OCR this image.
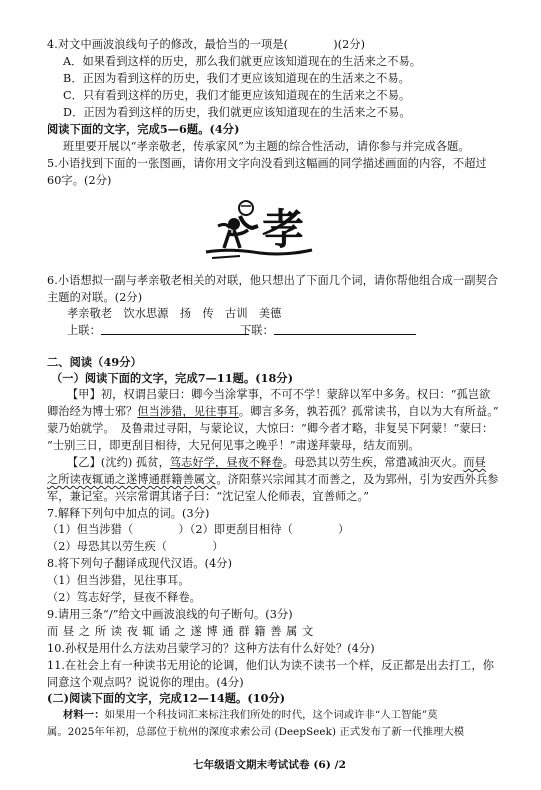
4.对文中画波浪线句子的修改，最恰当的一项是(　　　　)(2分)
A．如果看到这样的历史，那么我们就更应该知道现在的生活来之不易。
B．正因为看到这样的历史，我们才更应该知道现在的生活来之不易。
C．只有看到这样的历史，我们才能更应该知道现在的生活来之不易。
D．正因为看到这样的历史，我们就更应该知道现在的生活来之不易。
阅读下面的文字，完成5—6题。(4分)
班里要开展以“孝亲敬老，传承家风”为主题的综合性活动，请你参与并完成各题。
5.小语找到下面的一张图画，请你用文字向没看到这幅画的同学描述画面的内容，不超过
60字。(2分)
孝
6.小语想拟一副与孝亲敬老相关的对联，他只想出了下面几个词，请你帮他组合成一副契合
主题的对联。(2分)
孝亲敬老　饮水思源　扬　传　古训　美德
上联：	下联：
二、阅读（49分）
（一）阅读下面的文字，完成7—11题。(18分)
【甲】初，权谓吕蒙曰：卿今当涂掌事，不可不学！蒙辞以军中多务。权曰：“孤岂欲
卿治经为博士邪？但当涉猎，见往事耳。卿言多务，孰若孤？孤常读书，自以为大有所益。”
蒙乃始就学。　及鲁肃过寻阳，与蒙论议，大惊曰：“卿今者才略，非复吴下阿蒙！”蒙曰：
“士别三日，即更刮目相待，大兄何见事之晚乎！”肃遂拜蒙母，结友而别。
【乙】(沈约) 孤贫，笃志好学，昼夜不释卷。母恐其以劳生疾，常遣减油灭火。而昼
之所读夜辄诵之遂博通群籍善属文。济阳蔡兴宗闻其才而善之，及为郢州，引为安西外兵参
军，兼记室。兴宗常谓其诸子曰：“沈记室人伦师表，宜善师之。”
7.解释下列句中加点的词。(3分)
（1）但当涉猎（　　　　）（2）即更刮目相待（　　　　）
（2）母恐其以劳生疾（　　　　）
8.将下列句子翻译成现代汉语。(4分)
（1）但当涉猎，见往事耳。
（2）笃志好学，昼夜不释卷。
9.请用三条“/”给文中画波浪线的句子断句。(3分)
而 昼 之 所 读 夜 辄 诵 之 遂 博 通 群 籍 善 属 文
10.孙权是用什么方法劝吕蒙学习的？这种方法有什么好处？(4分)
11.在社会上有一种读书无用论的论调，他们认为读不读书一个样，反正都是出去打工，你
同意这个观点吗？说说你的理由。(4分)
(二)阅读下面的文字，完成12—14题。(10分)
材料一：如果用一个科技词汇来标注我们所处的时代，这个词或许非“人工智能”莫
属。2025年年初，总部位于杭州的深度求索公司 (DeepSeek) 正式发布了新一代推理大模
七年级语文期末考试试卷 (6) /2
